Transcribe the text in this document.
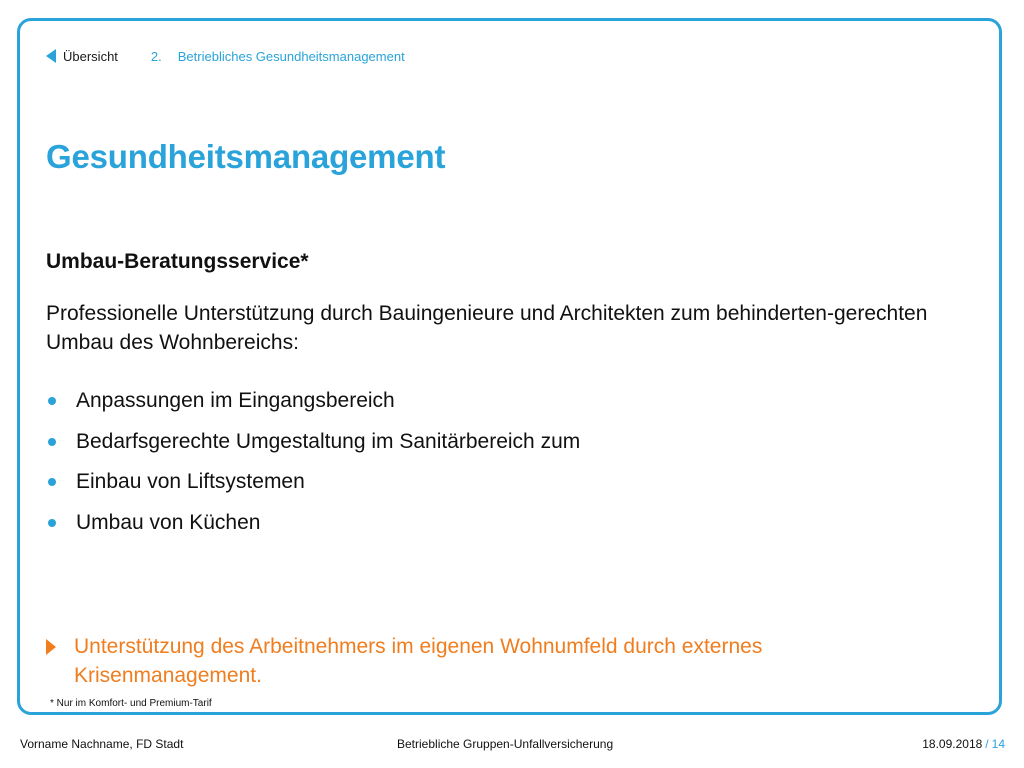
Übersicht	2. Betriebliches Gesundheitsmanagement
Gesundheitsmanagement
Umbau-Beratungsservice*

Professionelle Unterstützung durch Bauingenieure und Architekten zum behinderten-gerechten Umbau des Wohnbereichs:

Anpassungen im Eingangsbereich
Bedarfsgerechte Umgestaltung im Sanitärbereich zum
Einbau von Liftsystemen
Umbau von Küchen

Unterstützung des Arbeitnehmers im eigenen Wohnumfeld durch externes Krisenmanagement.

* Nur im Komfort- und Premium-Tarif
Vorname Nachname, FD Stadt	Betriebliche Gruppen-Unfallversicherung	18.09.2018 / 14
